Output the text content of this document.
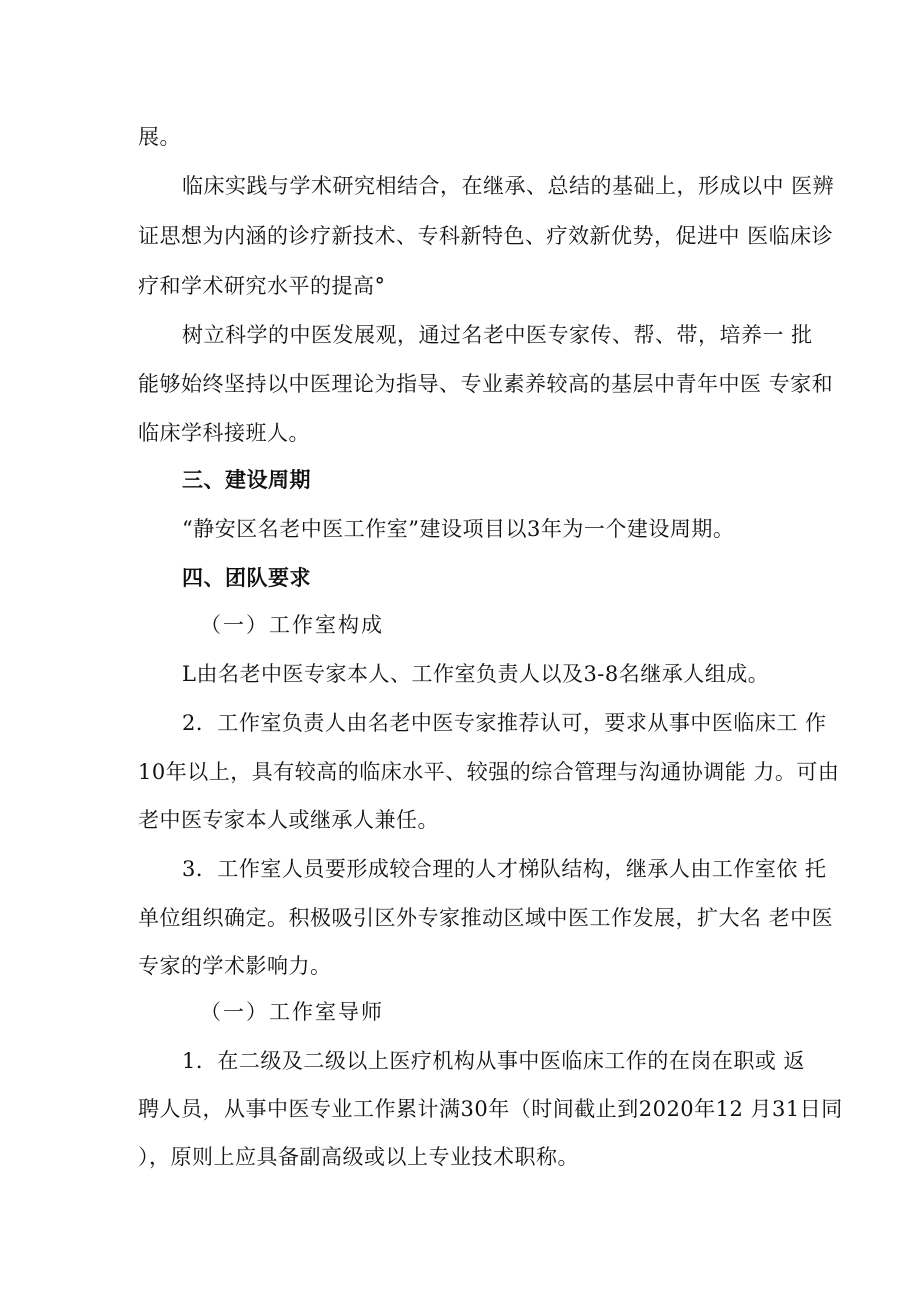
展。
临床实践与学术研究相结合，在继承、总结的基础上，形成以中 医辨
证思想为内涵的诊疗新技术、专科新特色、疗效新优势，促进中 医临床诊
疗和学术研究水平的提高°
树立科学的中医发展观，通过名老中医专家传、帮、带，培养一 批
能够始终坚持以中医理论为指导、专业素养较高的基层中青年中医 专家和
临床学科接班人。
三、建设周期
“静安区名老中医工作室”建设项目以3年为一个建设周期。
四、团队要求
（一）工作室构成
L由名老中医专家本人、工作室负责人以及3-8名继承人组成。
2．工作室负责人由名老中医专家推荐认可，要求从事中医临床工 作
10年以上，具有较高的临床水平、较强的综合管理与沟通协调能 力。可由
老中医专家本人或继承人兼任。
3．工作室人员要形成较合理的人才梯队结构，继承人由工作室依 托
单位组织确定。积极吸引区外专家推动区域中医工作发展，扩大名 老中医
专家的学术影响力。
（一）工作室导师
1．在二级及二级以上医疗机构从事中医临床工作的在岗在职或 返
聘人员，从事中医专业工作累计满30年（时间截止到2020年12 月31日同
），原则上应具备副高级或以上专业技术职称。
